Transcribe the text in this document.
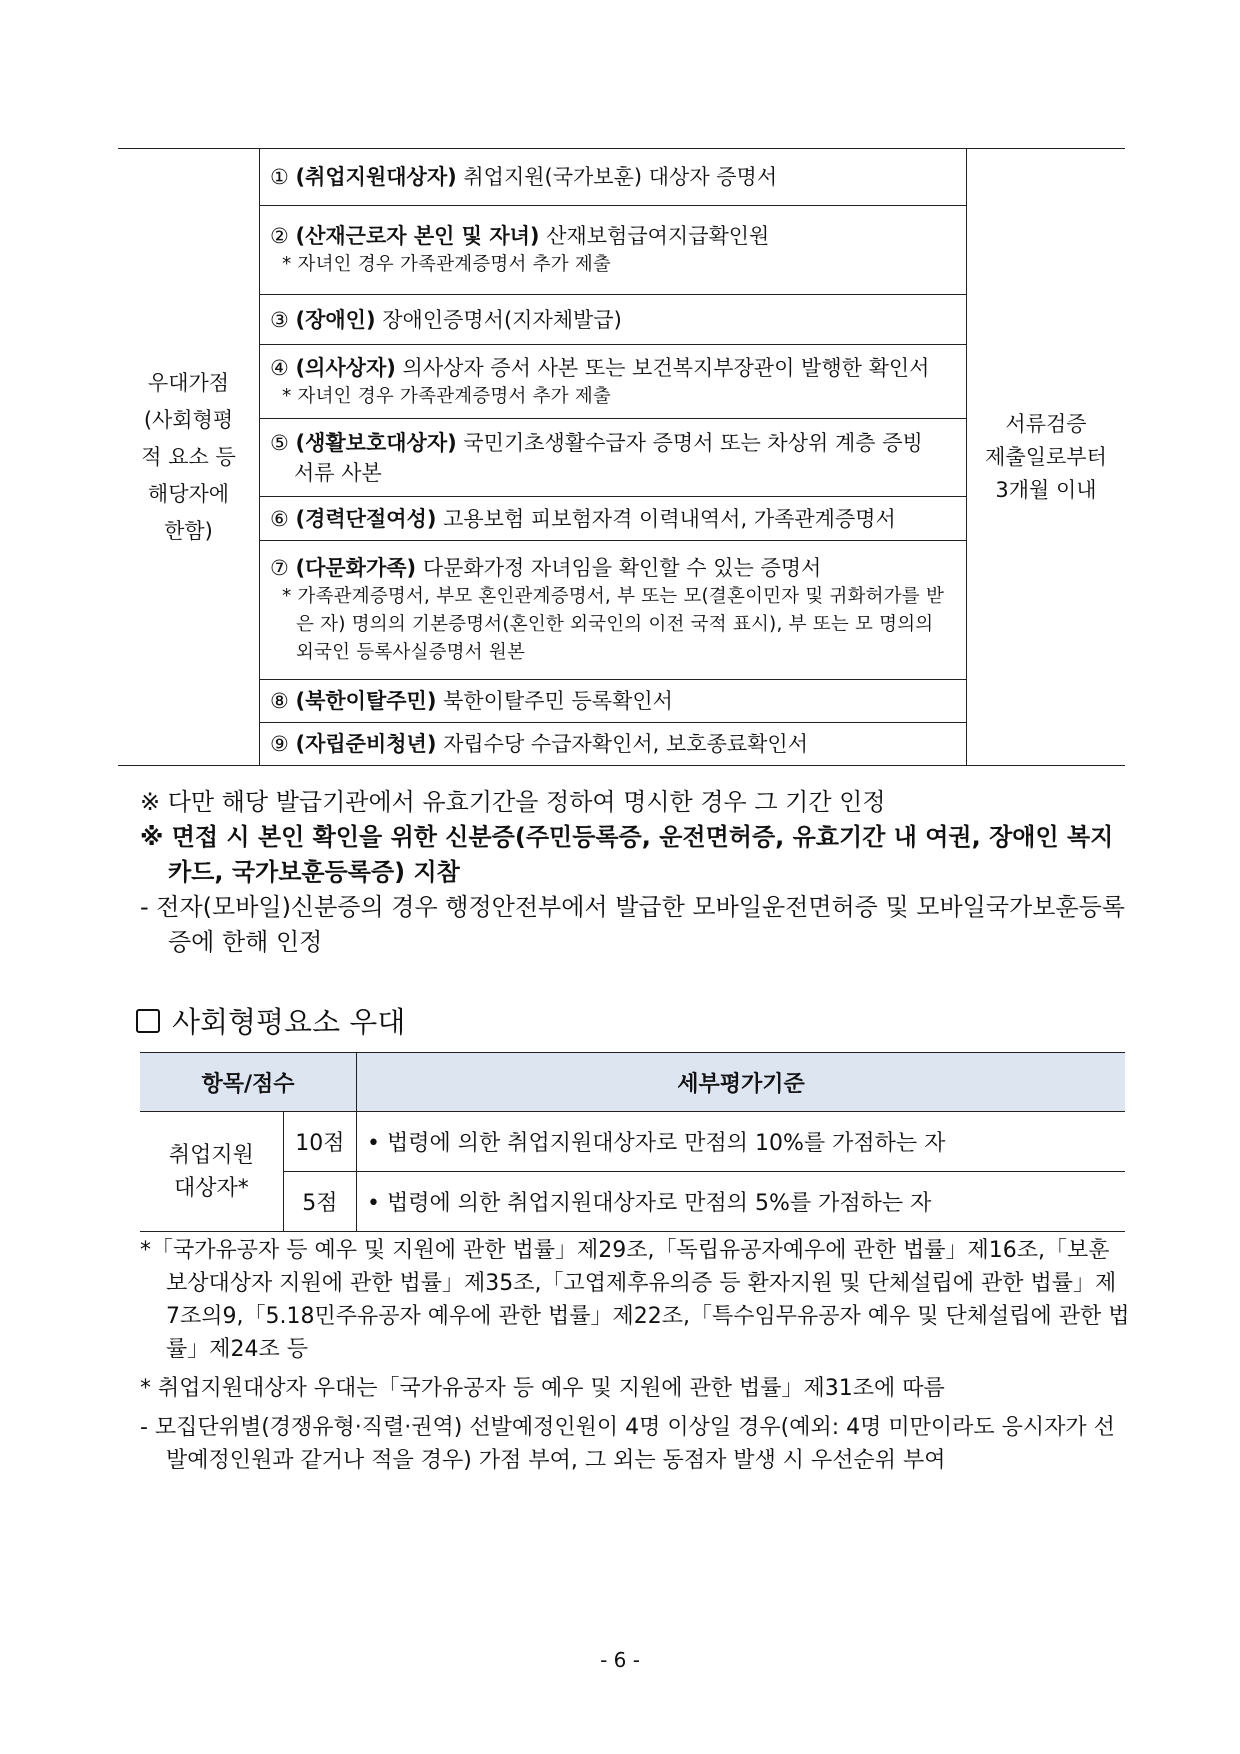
우대가점
(사회형평
적 요소 등
해당자에
한함)

① (취업지원대상자) 취업지원(국가보훈) 대상자 증명서

서류검증
제출일로부터
3개월 이내

② (산재근로자 본인 및 자녀) 산재보험급여지급확인원
* 자녀인 경우 가족관계증명서 추가 제출

③ (장애인) 장애인증명서(지자체발급)

④ (의사상자) 의사상자 증서 사본 또는 보건복지부장관이 발행한 확인서
* 자녀인 경우 가족관계증명서 추가 제출

⑤ (생활보호대상자) 국민기초생활수급자 증명서 또는 차상위 계층 증빙
서류 사본

⑥ (경력단절여성) 고용보험 피보험자격 이력내역서, 가족관계증명서

⑦ (다문화가족) 다문화가정 자녀임을 확인할 수 있는 증명서
* 가족관계증명서, 부모 혼인관계증명서, 부 또는 모(결혼이민자 및 귀화허가를 받은 자) 명의의 기본증명서(혼인한 외국인의 이전 국적 표시), 부 또는 모 명의의 외국인 등록사실증명서 원본

⑧ (북한이탈주민) 북한이탈주민 등록확인서

⑨ (자립준비청년) 자립수당 수급자확인서, 보호종료확인서

※ 다만 해당 발급기관에서 유효기간을 정하여 명시한 경우 그 기간 인정

※ 면접 시 본인 확인을 위한 신분증(주민등록증, 운전면허증, 유효기간 내 여권, 장애인 복지카드, 국가보훈등록증) 지참

- 전자(모바일)신분증의 경우 행정안전부에서 발급한 모바일운전면허증 및 모바일국가보훈등록증에 한해 인정

사회형평요소 우대
항목/점수		세부평가기준

취업지원
대상자*	10점	• 법령에 의한 취업지원대상자로 만점의 10%를 가점하는 자
	5점	• 법령에 의한 취업지원대상자로 만점의 5%를 가점하는 자

*「국가유공자 등 예우 및 지원에 관한 법률」제29조,「독립유공자예우에 관한 법률」제16조,「보훈보상대상자 지원에 관한 법률」제35조,「고엽제후유의증 등 환자지원 및 단체설립에 관한 법률」제7조의9,「5.18민주유공자 예우에 관한 법률」제22조,「특수임무유공자 예우 및 단체설립에 관한 법률」제24조 등

* 취업지원대상자 우대는「국가유공자 등 예우 및 지원에 관한 법률」제31조에 따름

- 모집단위별(경쟁유형·직렬·권역) 선발예정인원이 4명 이상일 경우(예외: 4명 미만이라도 응시자가 선발예정인원과 같거나 적을 경우) 가점 부여, 그 외는 동점자 발생 시 우선순위 부여

- 6 -
